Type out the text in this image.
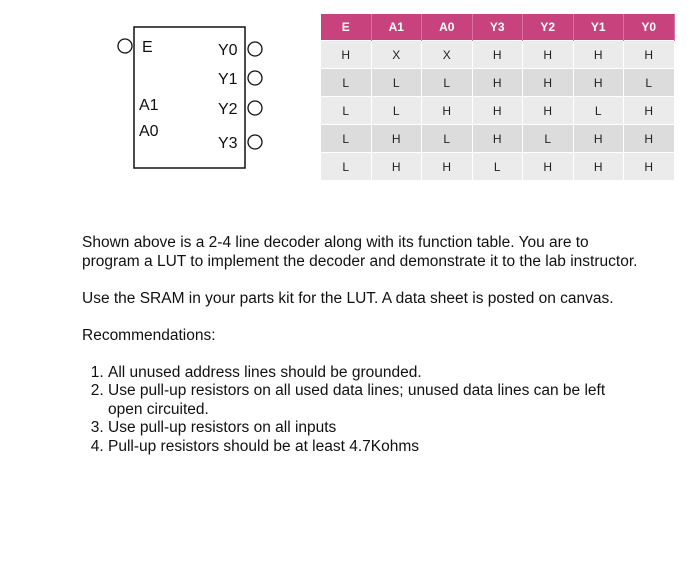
E
A1
A0
Y0
Y1
Y2
Y3
E	A1	A0	Y3	Y2	Y1	Y0
H	X	X	H	H	H	H
L	L	L	H	H	H	L
L	L	H	H	H	L	H
L	H	L	H	L	H	H
L	H	H	L	H	H	H

Shown above is a 2-4 line decoder along with its function table. You are to program a LUT to implement the decoder and demonstrate it to the lab instructor.

Use the SRAM in your parts kit for the LUT. A data sheet is posted on canvas.

Recommendations:

1. All unused address lines should be grounded.
2. Use pull-up resistors on all used data lines; unused data lines can be left open circuited.
3. Use pull-up resistors on all inputs
4. Pull-up resistors should be at least 4.7Kohms
